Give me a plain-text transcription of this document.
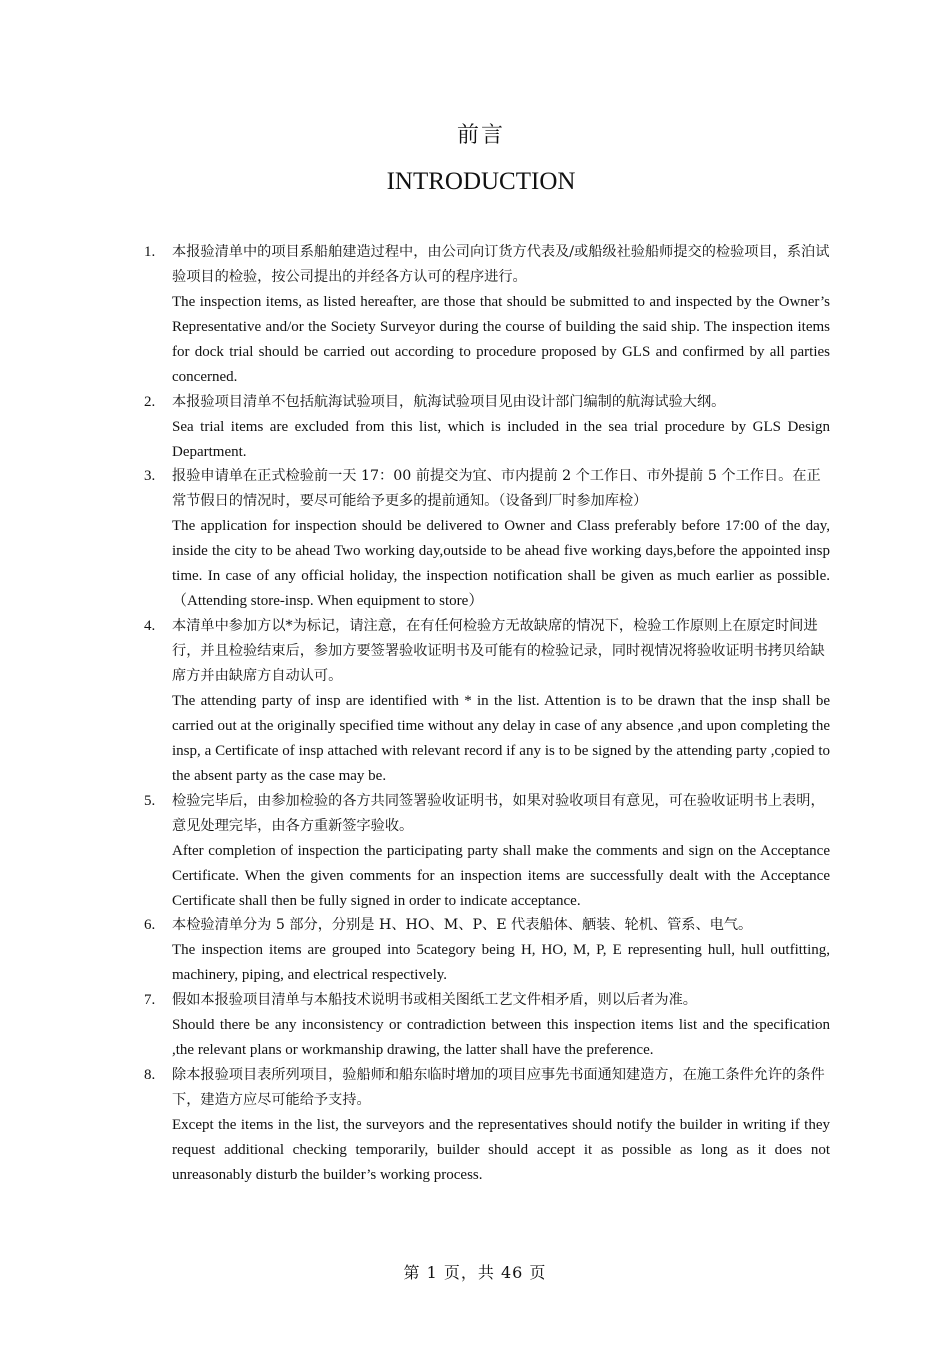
前言
INTRODUCTION
1. 本报验清单中的项目系船舶建造过程中，由公司向订货方代表及/或船级社验船师提交的检验项目，系泊试验项目的检验，按公司提出的并经各方认可的程序进行。

The inspection items, as listed hereafter, are those that should be submitted to and inspected by the Owner’s Representative and/or the Society Surveyor during the course of building the said ship. The inspection items for dock trial should be carried out according to procedure proposed by GLS and confirmed by all parties concerned.

2. 本报验项目清单不包括航海试验项目，航海试验项目见由设计部门编制的航海试验大纲。

Sea trial items are excluded from this list, which is included in the sea trial procedure by GLS Design Department.

3. 报验申请单在正式检验前一天 17：00 前提交为宜、市内提前 2 个工作日、市外提前 5 个工作日。在正常节假日的情况时，要尽可能给予更多的提前通知。（设备到厂时参加库检）

The application for inspection should be delivered to Owner and Class preferably before 17:00 of the day, inside the city to be ahead Two working day,outside to be ahead five working days,before the appointed insp time. In case of any official holiday, the inspection notification shall be given as much earlier as possible.（Attending store-insp. When equipment to store）

4. 本清单中参加方以*为标记，请注意，在有任何检验方无故缺席的情况下，检验工作原则上在原定时间进行，并且检验结束后，参加方要签署验收证明书及可能有的检验记录，同时视情况将验收证明书拷贝给缺席方并由缺席方自动认可。

The attending party of insp are identified with * in the list. Attention is to be drawn that the insp shall be carried out at the originally specified time without any delay in case of any absence ,and upon completing the insp, a Certificate of insp attached with relevant record if any is to be signed by the attending party ,copied to the absent party as the case may be.

5. 检验完毕后，由参加检验的各方共同签署验收证明书，如果对验收项目有意见，可在验收证明书上表明，意见处理完毕，由各方重新签字验收。

After completion of inspection the participating party shall make the comments and sign on the Acceptance Certificate. When the given comments for an inspection items are successfully dealt with the Acceptance Certificate shall then be fully signed in order to indicate acceptance.

6. 本检验清单分为 5 部分，分别是 H、HO、M、P、E 代表船体、舾装、轮机、管系、电气。

The inspection items are grouped into 5category being H, HO, M, P, E representing hull, hull outfitting, machinery, piping, and electrical respectively.

7. 假如本报验项目清单与本船技术说明书或相关图纸工艺文件相矛盾，则以后者为准。

Should there be any inconsistency or contradiction between this inspection items list and the specification ,the relevant plans or workmanship drawing, the latter shall have the preference.

8. 除本报验项目表所列项目，验船师和船东临时增加的项目应事先书面通知建造方，在施工条件允许的条件下，建造方应尽可能给予支持。

Except the items in the list, the surveyors and the representatives should notify the builder in writing if they request additional checking temporarily, builder should accept it as possible as long as it does not unreasonably disturb the builder’s working process.

第 1 页，共 46 页
